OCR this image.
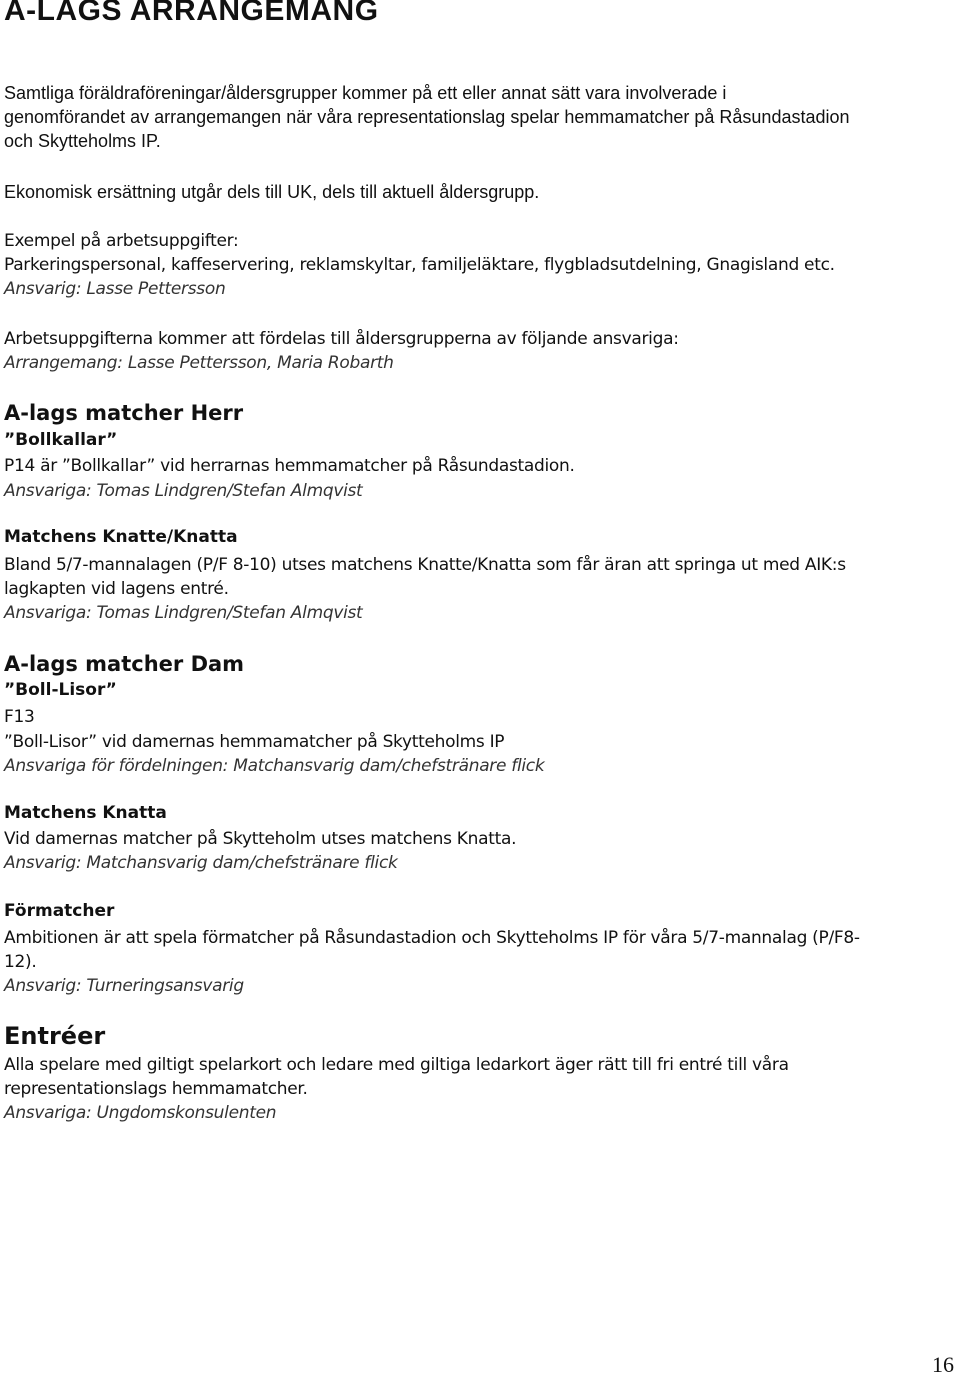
A-LAGS ARRANGEMANG
Samtliga föräldraföreningar/åldersgrupper kommer på ett eller annat sätt vara involverade i
genomförandet av arrangemangen när våra representationslag spelar hemmamatcher på Råsundastadion
och Skytteholms IP.
Ekonomisk ersättning utgår dels till UK, dels till aktuell åldersgrupp.
Exempel på arbetsuppgifter:
Parkeringspersonal, kaffeservering, reklamskyltar, familjeläktare, flygbladsutdelning, Gnagisland etc.
Ansvarig: Lasse Pettersson
Arbetsuppgifterna kommer att fördelas till åldersgrupperna av följande ansvariga:
Arrangemang: Lasse Pettersson, Maria Robarth
A-lags matcher Herr
”Bollkallar”
P14 är ”Bollkallar” vid herrarnas hemmamatcher på Råsundastadion.
Ansvariga: Tomas Lindgren/Stefan Almqvist
Matchens Knatte/Knatta
Bland 5/7-mannalagen (P/F 8-10) utses matchens Knatte/Knatta som får äran att springa ut med AIK:s
lagkapten vid lagens entré.
Ansvariga: Tomas Lindgren/Stefan Almqvist
A-lags matcher Dam
”Boll-Lisor”
F13
”Boll-Lisor” vid damernas hemmamatcher på Skytteholms IP
Ansvariga för fördelningen: Matchansvarig dam/chefstränare flick
Matchens Knatta
Vid damernas matcher på Skytteholm utses matchens Knatta.
Ansvarig: Matchansvarig dam/chefstränare flick
Förmatcher
Ambitionen är att spela förmatcher på Råsundastadion och Skytteholms IP för våra 5/7-mannalag (P/F8-
12).
Ansvarig: Turneringsansvarig
Entréer
Alla spelare med giltigt spelarkort och ledare med giltiga ledarkort äger rätt till fri entré till våra
representationslags hemmamatcher.
Ansvariga: Ungdomskonsulenten
16
